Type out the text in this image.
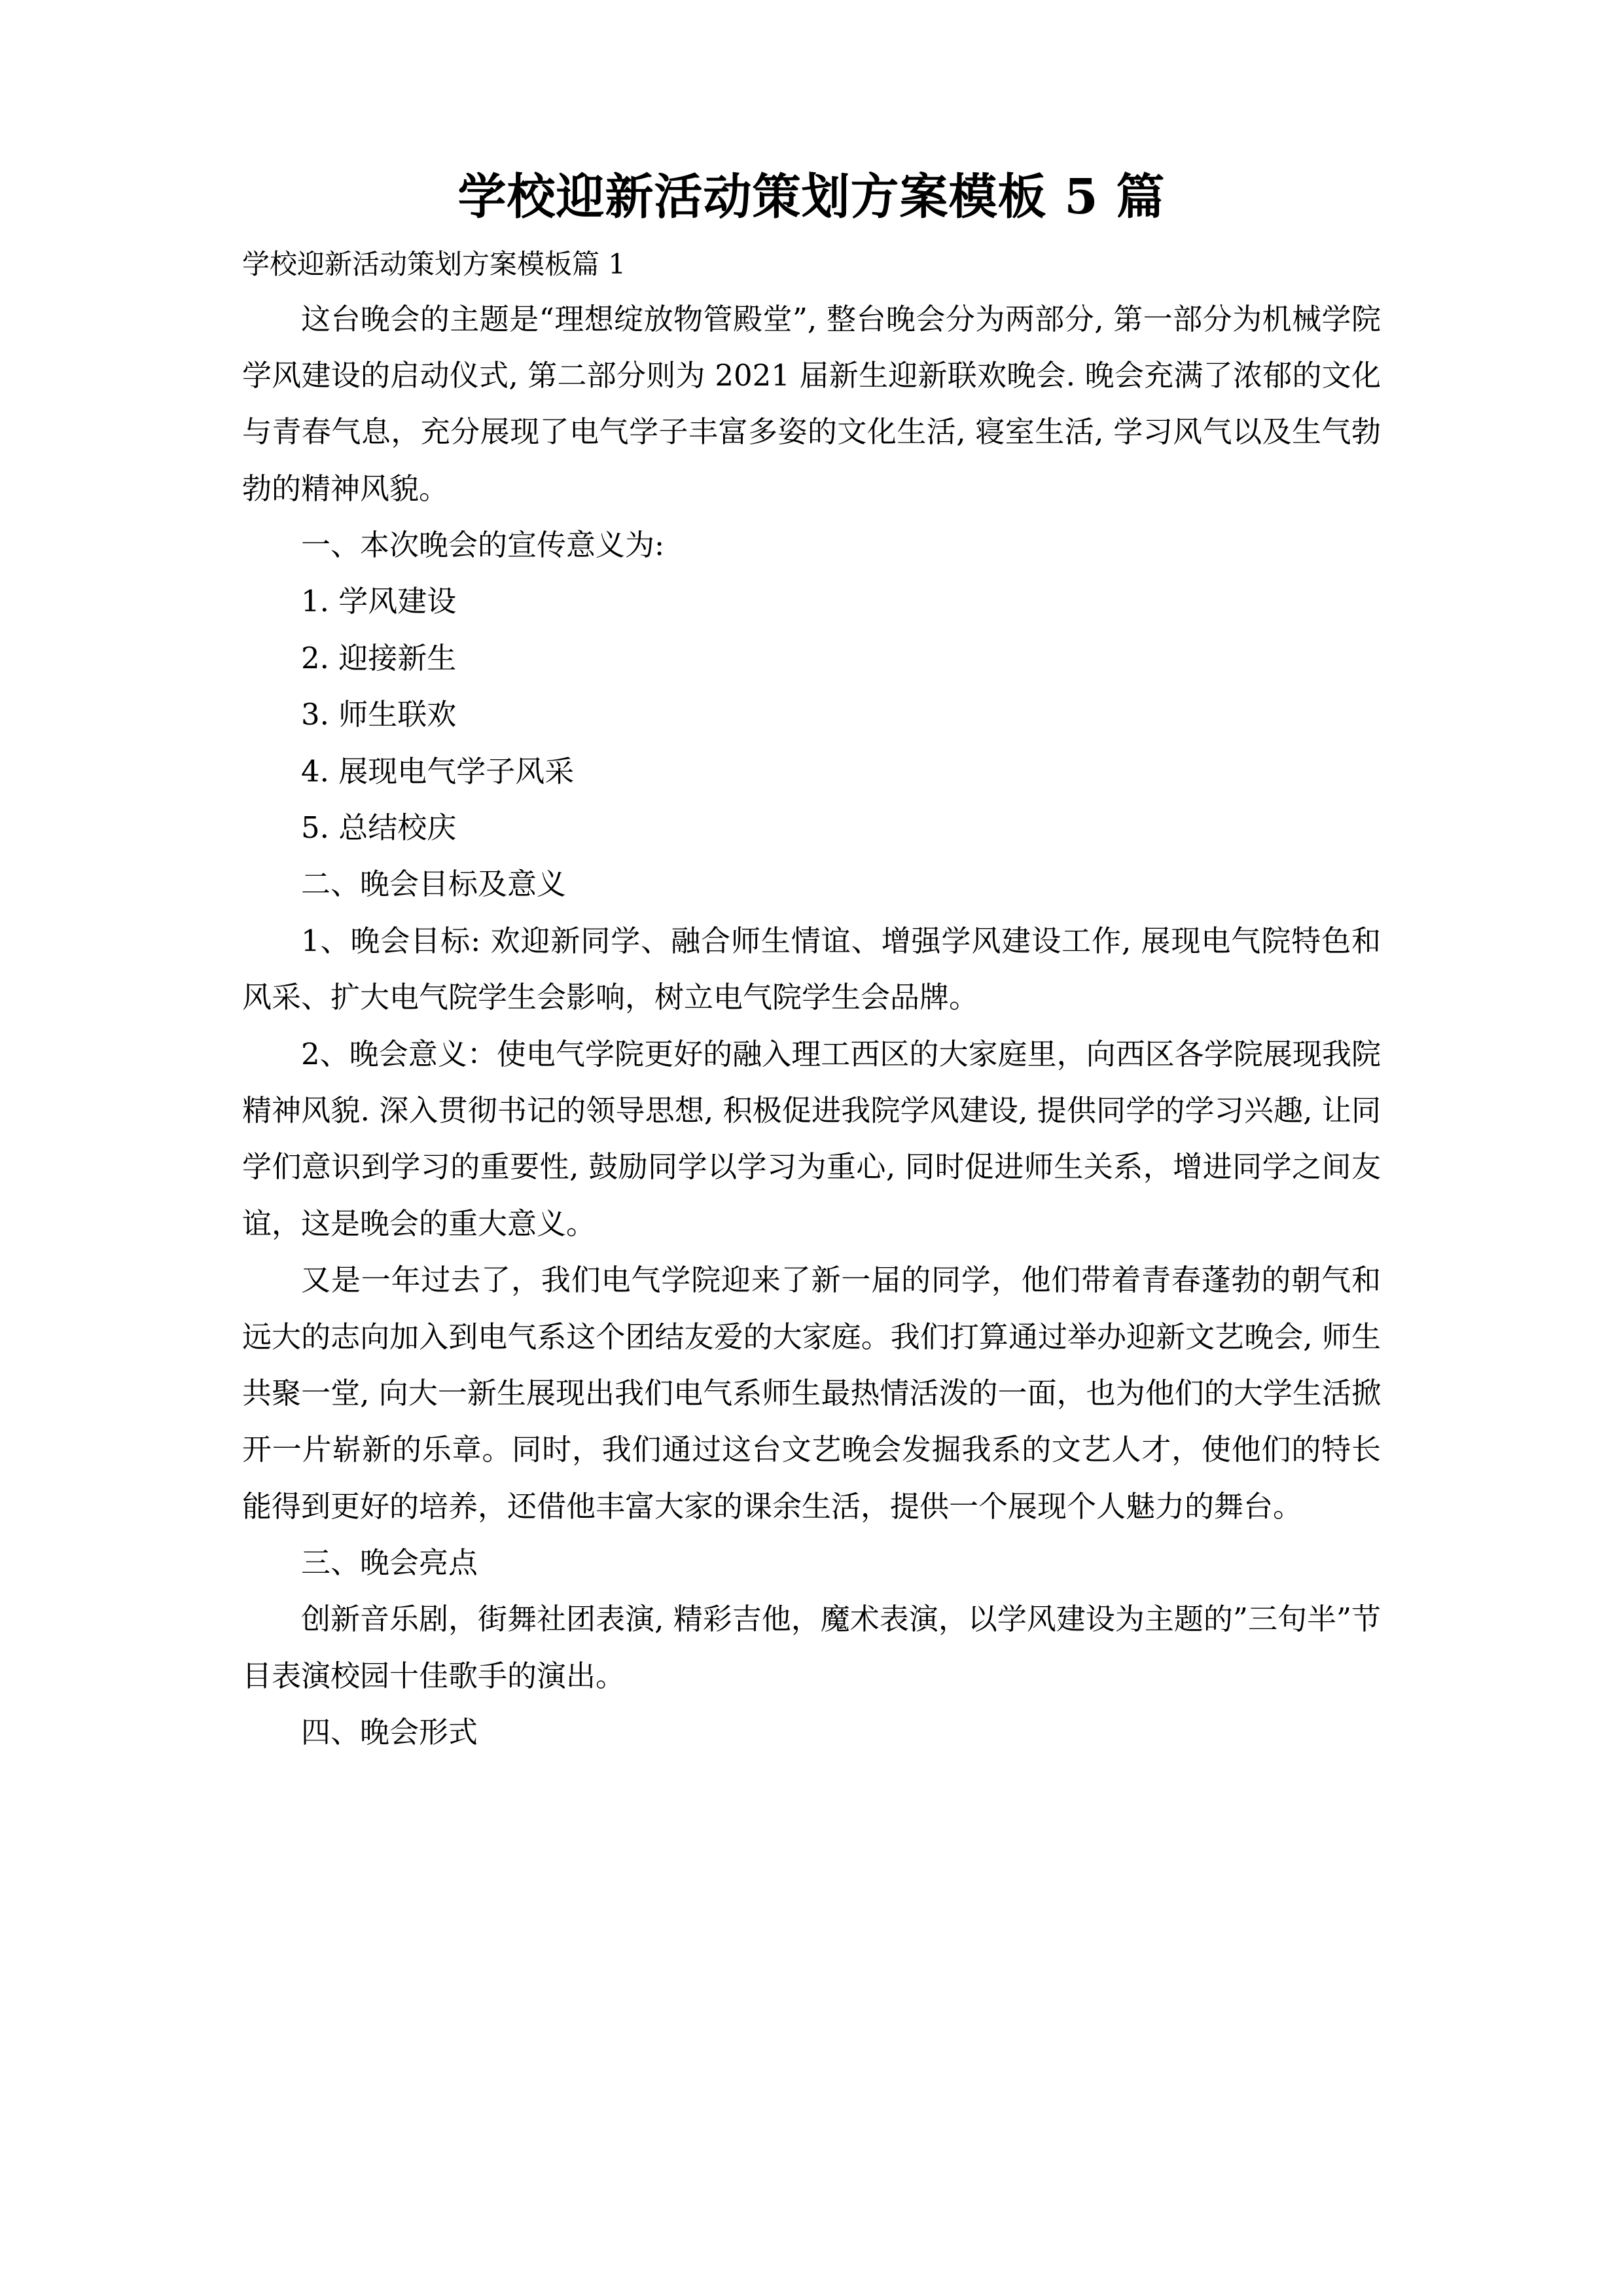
学校迎新活动策划方案模板 5 篇

学校迎新活动策划方案模板篇 1

这台晚会的主题是“理想绽放物管殿堂”, 整台晚会分为两部分, 第一部分为机械学院学风建设的启动仪式, 第二部分则为 2021 届新生迎新联欢晚会. 晚会充满了浓郁的文化与青春气息，充分展现了电气学子丰富多姿的文化生活, 寝室生活, 学习风气以及生气勃勃的精神风貌。

一、本次晚会的宣传意义为:

1. 学风建设

2. 迎接新生

3. 师生联欢

4. 展现电气学子风采

5. 总结校庆

二、晚会目标及意义

1、晚会目标: 欢迎新同学、融合师生情谊、增强学风建设工作, 展现电气院特色和风采、扩大电气院学生会影响，树立电气院学生会品牌。

2、晚会意义：使电气学院更好的融入理工西区的大家庭里，向西区各学院展现我院精神风貌. 深入贯彻书记的领导思想, 积极促进我院学风建设, 提供同学的学习兴趣, 让同学们意识到学习的重要性, 鼓励同学以学习为重心, 同时促进师生关系，增进同学之间友谊，这是晚会的重大意义。

又是一年过去了，我们电气学院迎来了新一届的同学，他们带着青春蓬勃的朝气和远大的志向加入到电气系这个团结友爱的大家庭。我们打算通过举办迎新文艺晚会, 师生共聚一堂, 向大一新生展现出我们电气系师生最热情活泼的一面，也为他们的大学生活掀开一片崭新的乐章。同时，我们通过这台文艺晚会发掘我系的文艺人才，使他们的特长能得到更好的培养，还借他丰富大家的课余生活，提供一个展现个人魅力的舞台。

三、晚会亮点

创新音乐剧，街舞社团表演, 精彩吉他，魔术表演，以学风建设为主题的”三句半”节目表演校园十佳歌手的演出。

四、晚会形式
